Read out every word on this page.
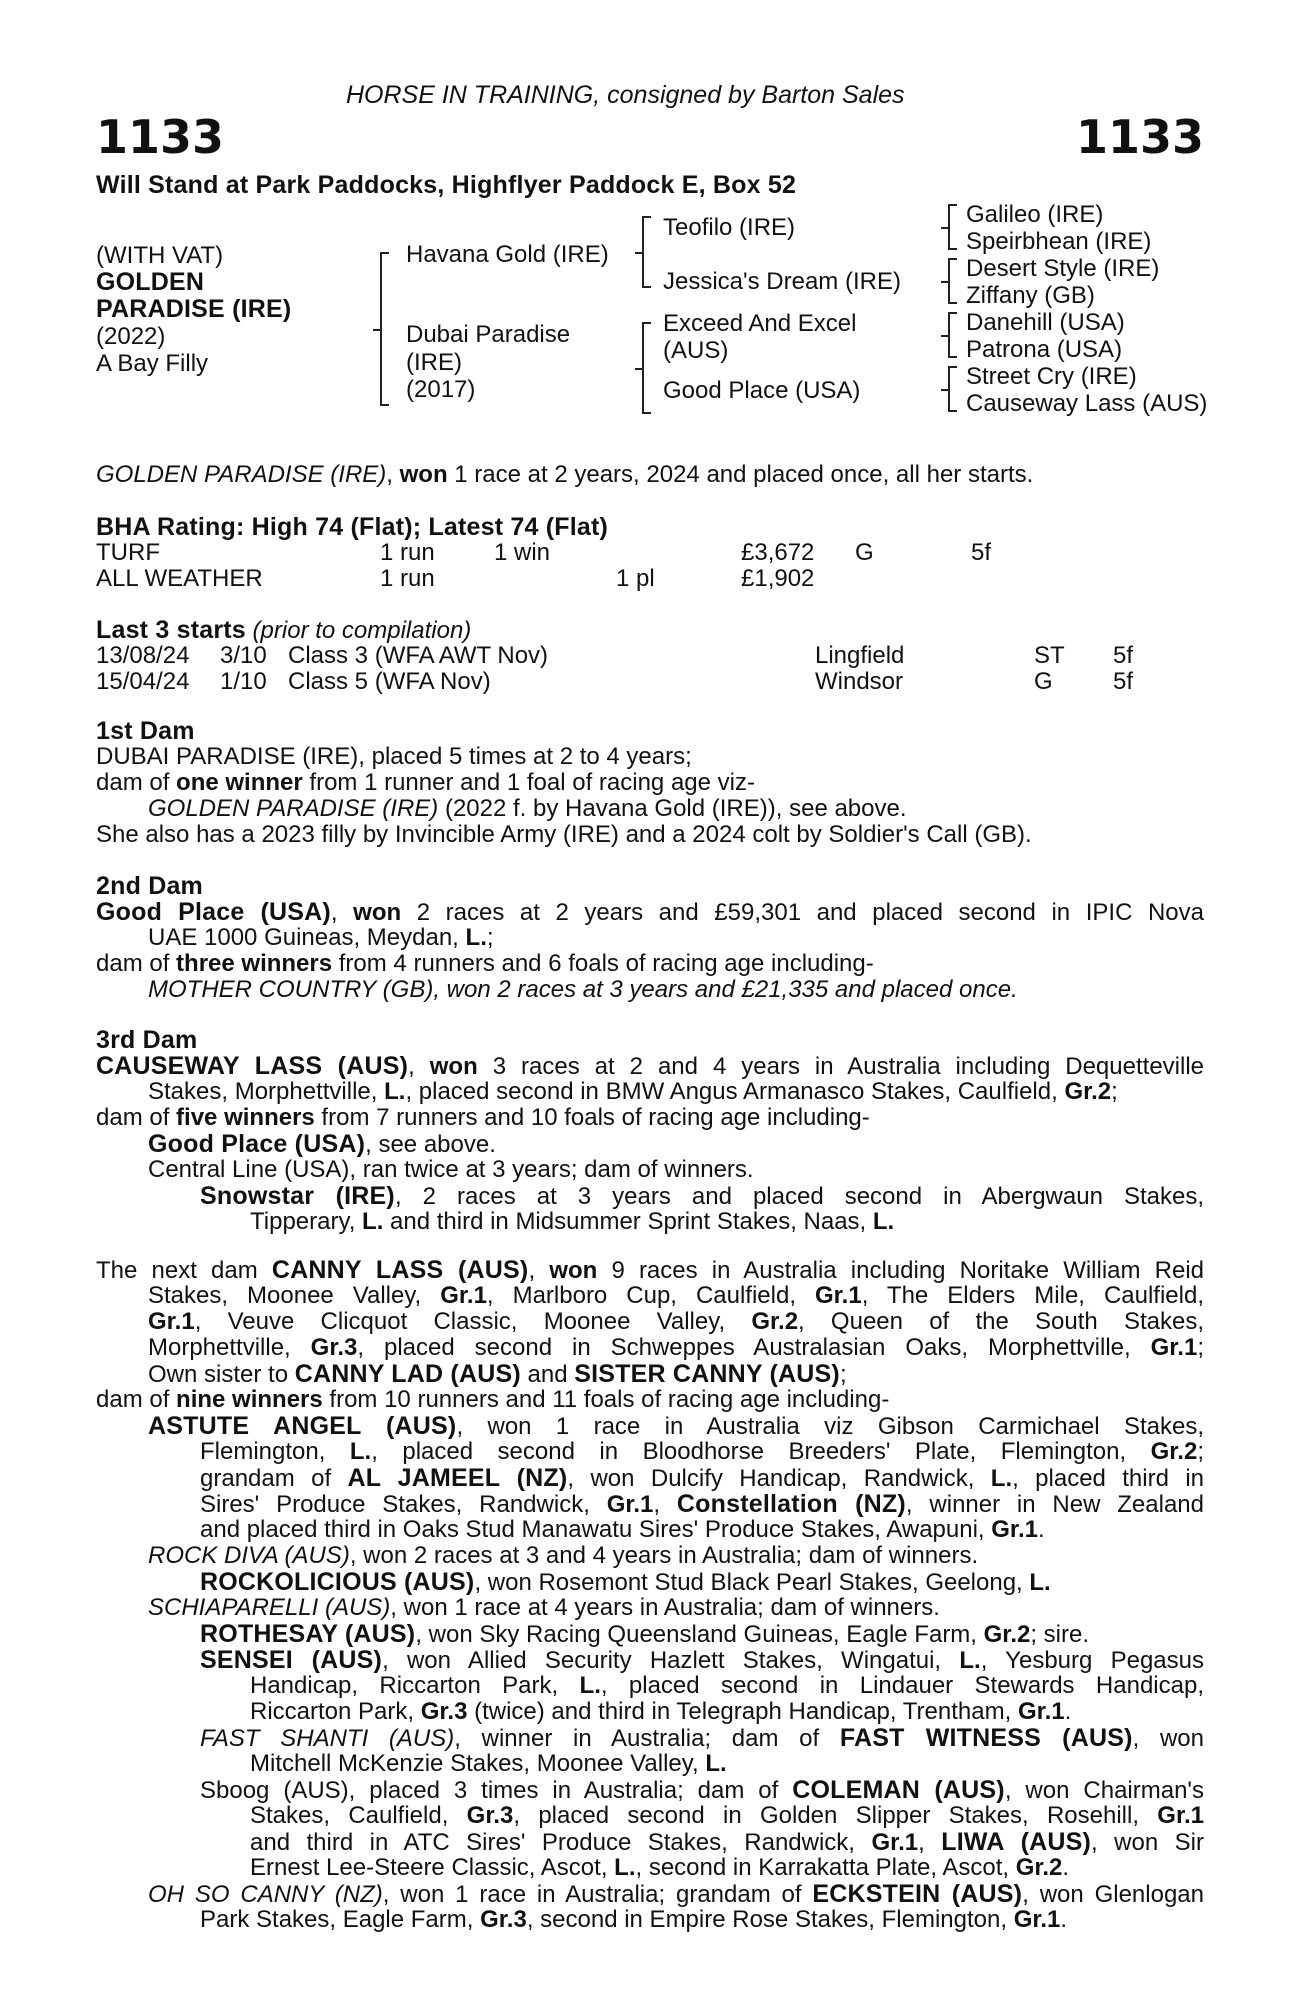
HORSE IN TRAINING, consigned by Barton Sales
1133	1133
Will Stand at Park Paddocks, Highflyer Paddock E, Box 52
(WITH VAT)
GOLDEN
PARADISE (IRE)
(2022)
A Bay Filly
Havana Gold (IRE)
Dubai Paradise
(IRE)
(2017)
Teofilo (IRE)
Jessica's Dream (IRE)
Exceed And Excel
(AUS)
Good Place (USA)
Galileo (IRE)
Speirbhean (IRE)
Desert Style (IRE)
Ziffany (GB)
Danehill (USA)
Patrona (USA)
Street Cry (IRE)
Causeway Lass (AUS)
GOLDEN PARADISE (IRE), won 1 race at 2 years, 2024 and placed once, all her starts.
BHA Rating: High 74 (Flat); Latest 74 (Flat)
TURF	1 run 1 win	£3,672 G	5f
ALL WEATHER	1 run	1 pl	£1,902
Last 3 starts (prior to compilation)
13/08/24 3/10 Class 3 (WFA AWT Nov)	Lingfield	ST 5f
15/04/24 1/10 Class 5 (WFA Nov)	Windsor	G	5f
1st Dam
DUBAI PARADISE (IRE), placed 5 times at 2 to 4 years;
dam of one winner from 1 runner and 1 foal of racing age viz-
GOLDEN PARADISE (IRE) (2022 f. by Havana Gold (IRE)), see above.
She also has a 2023 filly by Invincible Army (IRE) and a 2024 colt by Soldier's Call (GB).
2nd Dam
Good Place (USA), won 2 races at 2 years and £59,301 and placed second in IPIC Nova
UAE 1000 Guineas, Meydan, L.;
dam of three winners from 4 runners and 6 foals of racing age including-
MOTHER COUNTRY (GB), won 2 races at 3 years and £21,335 and placed once.
3rd Dam
CAUSEWAY LASS (AUS), won 3 races at 2 and 4 years in Australia including Dequetteville
Stakes, Morphettville, L., placed second in BMW Angus Armanasco Stakes, Caulfield, Gr.2;
dam of five winners from 7 runners and 10 foals of racing age including-
Good Place (USA), see above.
Central Line (USA), ran twice at 3 years; dam of winners.
Snowstar (IRE), 2 races at 3 years and placed second in Abergwaun Stakes,
Tipperary, L. and third in Midsummer Sprint Stakes, Naas, L.
The next dam CANNY LASS (AUS), won 9 races in Australia including Noritake William Reid
Stakes, Moonee Valley, Gr.1, Marlboro Cup, Caulfield, Gr.1, The Elders Mile, Caulfield,
Gr.1, Veuve Clicquot Classic, Moonee Valley, Gr.2, Queen of the South Stakes,
Morphettville, Gr.3, placed second in Schweppes Australasian Oaks, Morphettville, Gr.1;
Own sister to CANNY LAD (AUS) and SISTER CANNY (AUS);
dam of nine winners from 10 runners and 11 foals of racing age including-
ASTUTE ANGEL (AUS), won 1 race in Australia viz Gibson Carmichael Stakes,
Flemington, L., placed second in Bloodhorse Breeders' Plate, Flemington, Gr.2;
grandam of AL JAMEEL (NZ), won Dulcify Handicap, Randwick, L., placed third in
Sires' Produce Stakes, Randwick, Gr.1, Constellation (NZ), winner in New Zealand
and placed third in Oaks Stud Manawatu Sires' Produce Stakes, Awapuni, Gr.1.
ROCK DIVA (AUS), won 2 races at 3 and 4 years in Australia; dam of winners.
ROCKOLICIOUS (AUS), won Rosemont Stud Black Pearl Stakes, Geelong, L.
SCHIAPARELLI (AUS), won 1 race at 4 years in Australia; dam of winners.
ROTHESAY (AUS), won Sky Racing Queensland Guineas, Eagle Farm, Gr.2; sire.
SENSEI (AUS), won Allied Security Hazlett Stakes, Wingatui, L., Yesburg Pegasus
Handicap, Riccarton Park, L., placed second in Lindauer Stewards Handicap,
Riccarton Park, Gr.3 (twice) and third in Telegraph Handicap, Trentham, Gr.1.
FAST SHANTI (AUS), winner in Australia; dam of FAST WITNESS (AUS), won
Mitchell McKenzie Stakes, Moonee Valley, L.
Sboog (AUS), placed 3 times in Australia; dam of COLEMAN (AUS), won Chairman's
Stakes, Caulfield, Gr.3, placed second in Golden Slipper Stakes, Rosehill, Gr.1
and third in ATC Sires' Produce Stakes, Randwick, Gr.1, LIWA (AUS), won Sir
Ernest Lee-Steere Classic, Ascot, L., second in Karrakatta Plate, Ascot, Gr.2.
OH SO CANNY (NZ), won 1 race in Australia; grandam of ECKSTEIN (AUS), won Glenlogan
Park Stakes, Eagle Farm, Gr.3, second in Empire Rose Stakes, Flemington, Gr.1.
